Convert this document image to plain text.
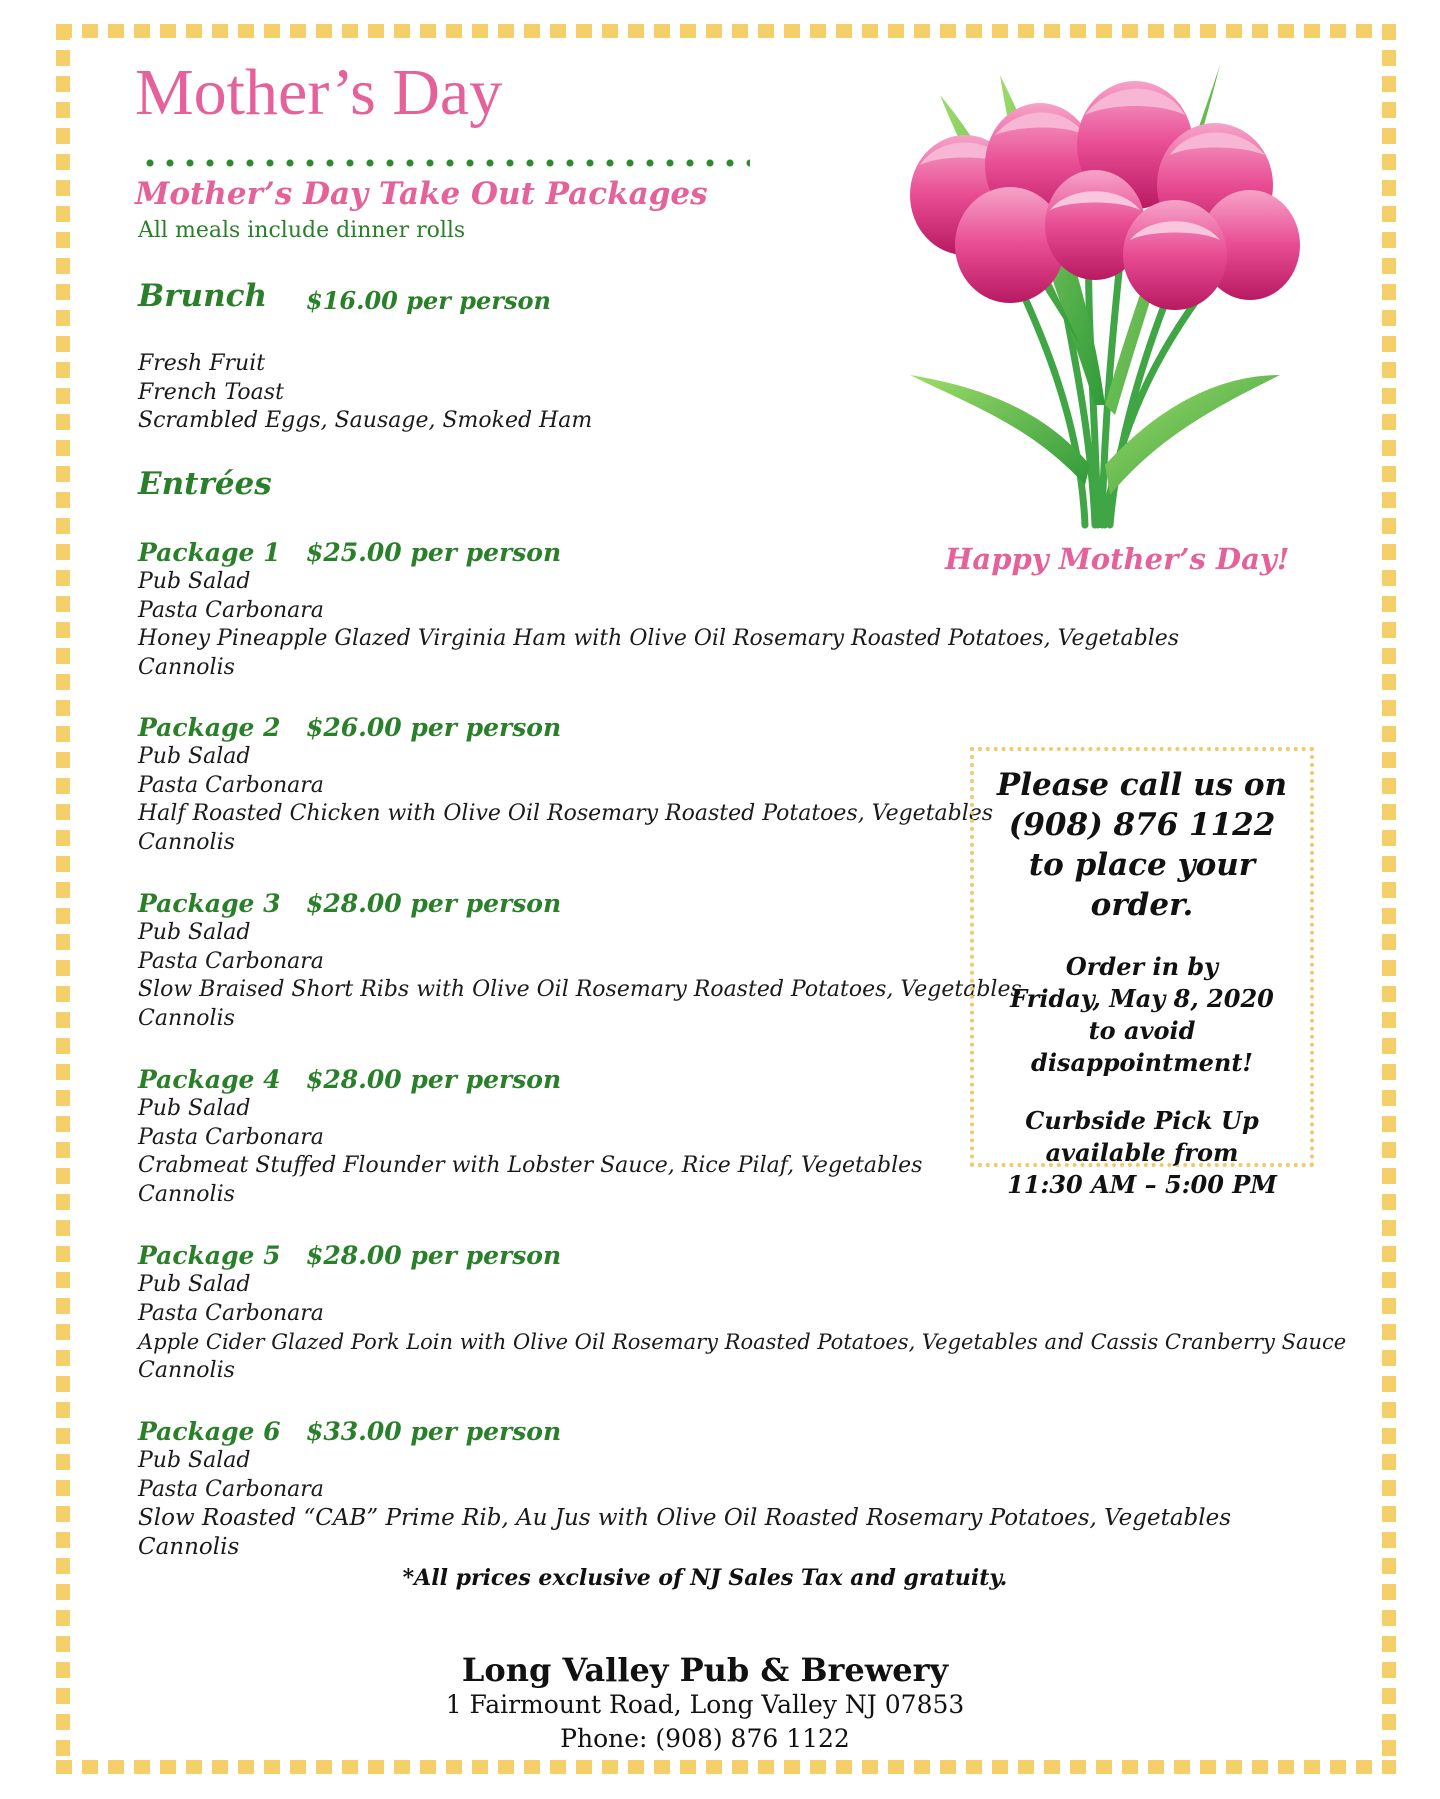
Mother’s Day
Mother’s Day Take Out Packages
All meals include dinner rolls
Brunch $16.00 per person
Fresh Fruit
French Toast
Scrambled Eggs, Sausage, Smoked Ham
Entrées
Package 1 $25.00 per person
Pub Salad
Pasta Carbonara
Honey Pineapple Glazed Virginia Ham with Olive Oil Rosemary Roasted Potatoes, Vegetables
Cannolis
Package 2 $26.00 per person
Pub Salad
Pasta Carbonara
Half Roasted Chicken with Olive Oil Rosemary Roasted Potatoes, Vegetables
Cannolis
Package 3 $28.00 per person
Pub Salad
Pasta Carbonara
Slow Braised Short Ribs with Olive Oil Rosemary Roasted Potatoes, Vegetables
Cannolis
Package 4 $28.00 per person
Pub Salad
Pasta Carbonara
Crabmeat Stuffed Flounder with Lobster Sauce, Rice Pilaf, Vegetables
Cannolis
Package 5 $28.00 per person
Pub Salad
Pasta Carbonara
Apple Cider Glazed Pork Loin with Olive Oil Rosemary Roasted Potatoes, Vegetables and Cassis Cranberry Sauce
Cannolis
Package 6 $33.00 per person
Pub Salad
Pasta Carbonara
Slow Roasted “CAB” Prime Rib, Au Jus with Olive Oil Roasted Rosemary Potatoes, Vegetables
Cannolis
Happy Mother’s Day!
Please call us on
(908) 876 1122
to place your order.
Order in by
Friday, May 8, 2020
to avoid disappointment!
Curbside Pick Up
available from
11:30 AM – 5:00 PM
*All prices exclusive of NJ Sales Tax and gratuity.
Long Valley Pub & Brewery
1 Fairmount Road, Long Valley NJ 07853
Phone: (908) 876 1122
